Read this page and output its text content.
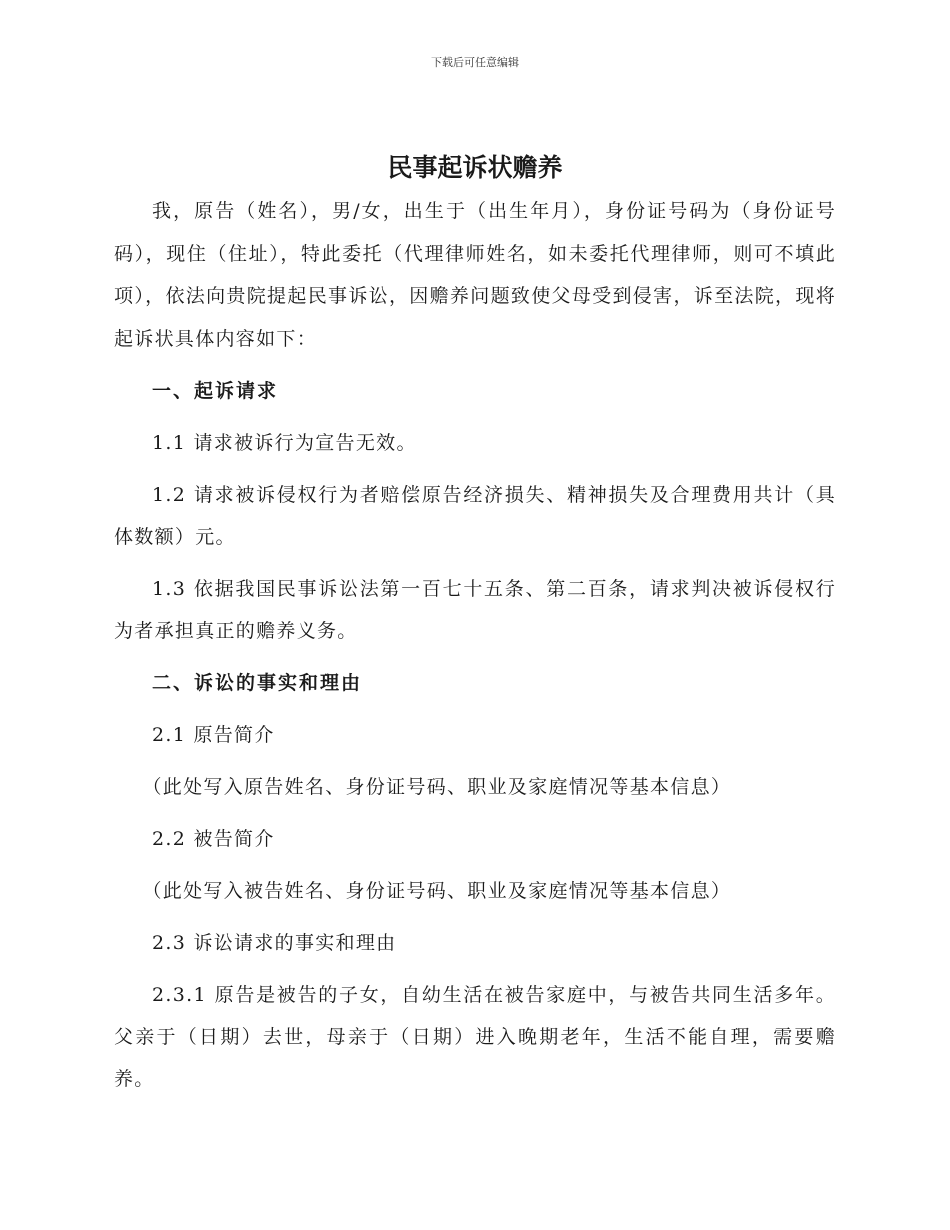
下载后可任意编辑
民事起诉状赡养

我，原告（姓名），男/女，出生于（出生年月），身份证号码为（身份证号码），现住（住址），特此委托（代理律师姓名，如未委托代理律师，则可不填此项），依法向贵院提起民事诉讼，因赡养问题致使父母受到侵害，诉至法院，现将起诉状具体内容如下：

一、起诉请求

1.1 请求被诉行为宣告无效。

1.2 请求被诉侵权行为者赔偿原告经济损失、精神损失及合理费用共计（具体数额）元。

1.3 依据我国民事诉讼法第一百七十五条、第二百条，请求判决被诉侵权行为者承担真正的赡养义务。

二、诉讼的事实和理由

2.1 原告简介

（此处写入原告姓名、身份证号码、职业及家庭情况等基本信息）

2.2 被告简介

（此处写入被告姓名、身份证号码、职业及家庭情况等基本信息）

2.3 诉讼请求的事实和理由

2.3.1 原告是被告的子女，自幼生活在被告家庭中，与被告共同生活多年。父亲于（日期）去世，母亲于（日期）进入晚期老年，生活不能自理，需要赡养。
